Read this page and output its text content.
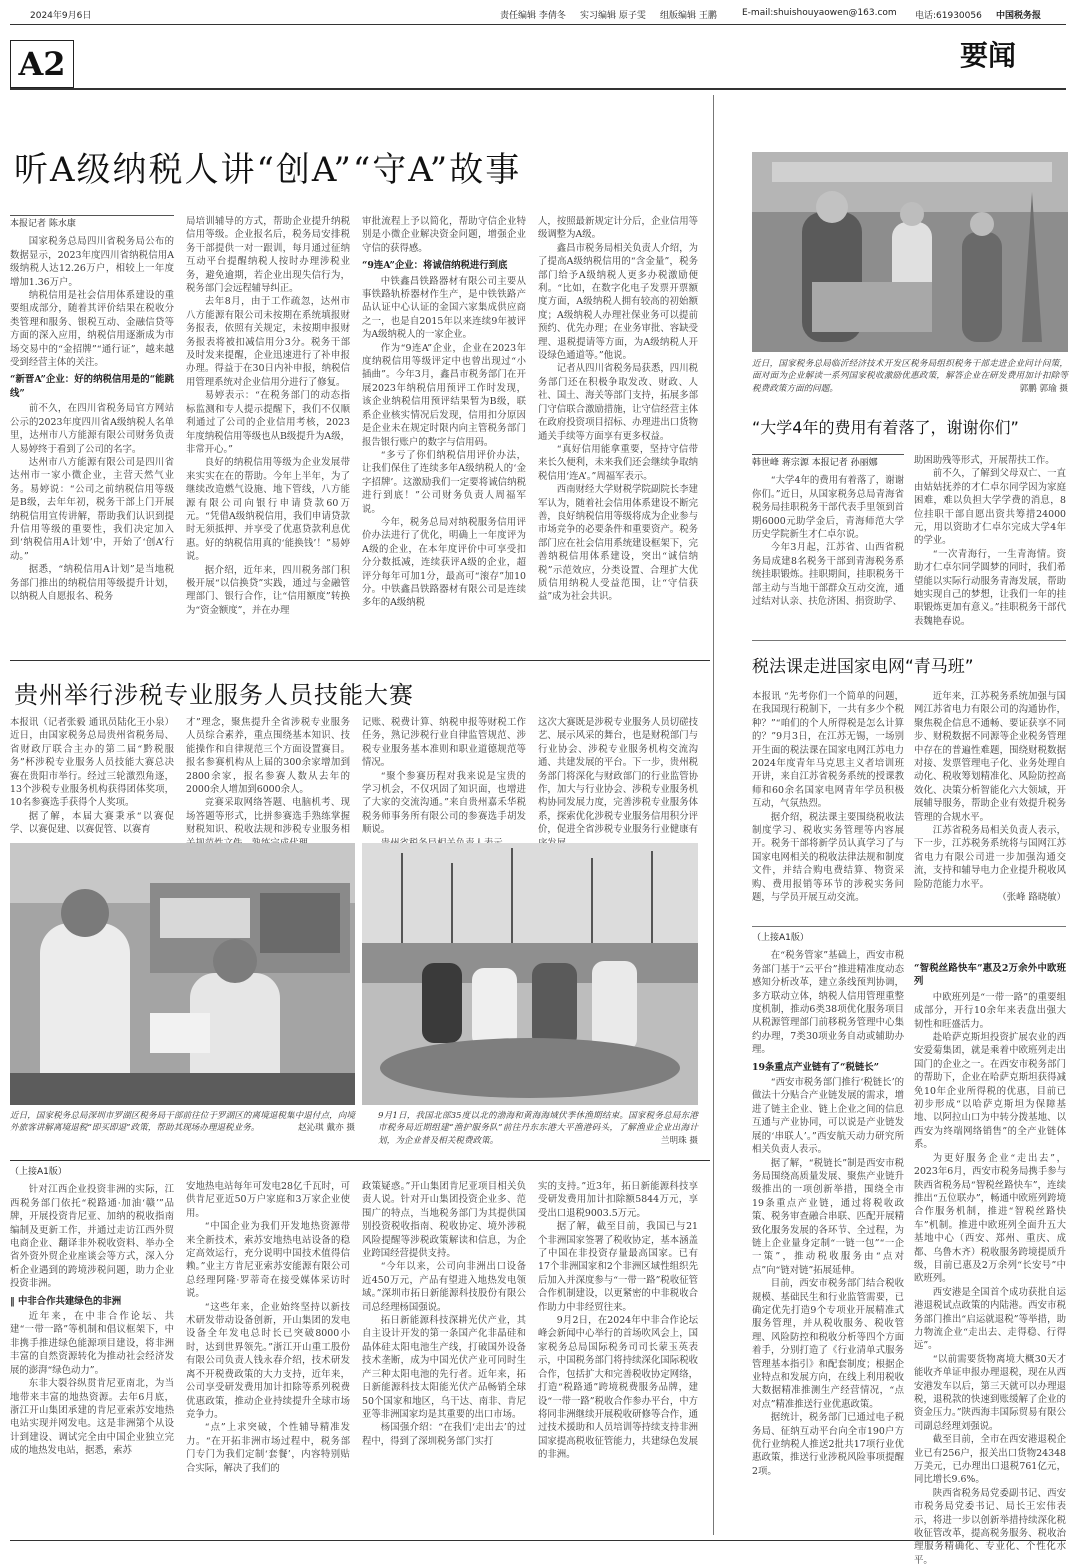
2024年9月6日	责任编辑 李倩冬 实习编辑 原子雯 组版编辑 王鹏	E-mail:shuishouyaowen@163.com 电话:61930056 中国税务报
A2	要闻
听A级纳税人讲“创A”“守A”故事

本报记者 陈水康

国家税务总局四川省税务局公布的数据显示，2023年度四川省纳税信用A级纳税人达12.26万户，相较上一年度增加1.36万户。

纳税信用是社会信用体系建设的重要组成部分，随着其评价结果在税收分类管理和服务、银税互动、金融信贷等方面的深入应用，纳税信用逐渐成为市场交易中的“金招牌”“通行证”，越来越受到经营主体的关注。

“新晋A”企业：好的纳税信用是的“能跳线”

前不久，在四川省税务局官方网站公示的2023年度四川省A级纳税人名单里，达州市八方能源有限公司财务负责人易婷终于看到了公司的名字。

达州市八方能源有限公司是四川省达州市一家小微企业，主营天然气业务。易婷说：“公司之前纳税信用等级是B级，去年年初，税务干部上门开展纳税信用宣传讲解，帮助我们认识到提升信用等级的重要性，我们决定加入到‘纳税信用A计划’中，开始了‘创A’行动。”

据悉，“纳税信用A计划”是当地税务部门推出的纳税信用等级提升计划，以纳税人自愿报名、税务

局培训辅导的方式，帮助企业提升纳税信用等级。企业报名后，税务局安排税务干部提供一对一跟训，每月通过征纳互动平台提醒纳税人按时办理涉税业务，避免逾期，若企业出现失信行为，税务部门会远程辅导纠正。

去年8月，由于工作疏忽，达州市八方能源有限公司未按期在系统填报财务报表，依照有关规定，未按期申报财务报表将被扣减信用分3分。税务干部及时发来提醒，企业迅速进行了补申报办理。得益于在30日内补申报，纳税信用管理系统对企业信用分进行了修复。

易婷表示：“在税务部门的动态指标监测和专人提示提醒下，我们不仅顺利通过了公司的企业信用考核，2023年度纳税信用等级也从B级提升为A级，非常开心。”

良好的纳税信用等级为企业发展带来实实在在的帮助。今年上半年，为了继续改造燃气设施、地下管线，八方能源有限公司向银行申请贷款60万元。“凭借A级纳税信用，我们申请贷款时无须抵押、并享受了优惠贷款利息优惠。好的纳税信用真的‘能换钱’！”易婷说。

据介绍，近年来，四川税务部门积极开展“以信换贷”实践，通过与金融管理部门、银行合作，让“信用额度”转换为“资金额度”，并在办理

审批流程上予以简化，帮助守信企业特别是小微企业解决资金问题，增强企业守信的获得感。

“9连A”企业：将诚信纳税进行到底

中铁鑫昌铁路器材有限公司主要从事铁路轨桥器材作生产，是中铁铁路产品认证中心认证的金国六家集成供应商之一，也是自2015年以来连续9年被评为A级纳税人的一家企业。

作为“9连A”企业，企业在2023年度纳税信用等级评定中也曾出现过“小插曲”。今年3月，鑫昌市税务部门在开展2023年纳税信用预评工作时发现，该企业纳税信用预评结果暂为B级，联系企业核实情况后发现，信用扣分原因是企业未在规定时限内向主管税务部门报告银行账户的数字与信用码。

“多亏了你们纳税信用评价办法，让我们保住了连续多年A级纳税人的‘金字招牌’。这激励我们一定要将诚信纳税进行到底！”公司财务负责人周福军说。

今年，税务总局对纳税服务信用评价办法进行了优化，明确上一年度评为A级的企业，在本年度评价中可享受扣分分数抵减，连续获评A级的企业，超评分每年可加1分，最高可“滚存”加10分。中铁鑫昌铁路器材有限公司是连续多年的A级纳税

人，按照最新规定计分后，企业信用等级调整为A级。

鑫昌市税务局相关负责人介绍，为了提高A级纳税信用的“含金量”，税务部门给予A级纳税人更多办税激励便利。“比如，在数字化电子发票开票额度方面，A级纳税人拥有较高的初始额度；A级纳税人办理社保业务可以提前预约、优先办理；在业务审批、容缺受理、退税提请等方面，为A级纳税人开设绿色通道等。”他说。

记者从四川省税务局获悉，四川税务部门还在积极争取发改、财政、人社、国土、海关等部门支持，拓展多部门守信联合激励措施，让守信经营主体在政府投资项目招标、办理进出口货物通关手续等方面享有更多权益。

“真好信用能拿重要，坚持守信带来长久便利，未来我们还会继续争取纳税信用‘连A’。”周福军表示。

西南财经大学财税学院副院长李建军认为，随着社会信用体系建设不断完善，良好纳税信用等级将成为企业参与市场竞争的必要条件和重要资产。税务部门应在社会信用系统建设框架下，完善纳税信用体系建设，突出“诚信纳税”示范效应，分类设置、合理扩大优质信用纳税人受益范围，让“守信获益”成为社会共识。

近日，国家税务总局临沂经济技术开发区税务局组织税务干部走进企业问计问策，面对面为企业解读一系列国家税收激励优惠政策，解答企业在研发费用加计扣除等税费政策方面的问题。	郭鹏 郭瑜 摄
“大学4年的费用有着落了，谢谢你们”

韩世峰 蒋宗源 本报记者 孙丽娜

“大学4年的费用有着落了，谢谢你们。”近日，从国家税务总局青海省税务局挂职税务干部代表手里领到首期6000元助学金后，青海师范大学历史学院新生才仁卓尔说。

今年3月起，江苏省、山西省税务局成建8名税务干部到青海税务系统挂职锻炼。挂职期间，挂职税务干部主动与当地干部群众互动交流，通过结对认亲、扶危济困、捐资助学、

助困助残等形式，开展帮扶工作。

前不久，了解到父母双亡、一直由姑姑抚养的才仁卓尔同学因为家庭困难，难以负担大学学费的消息，8位挂职干部自愿出资共筹措24000元，用以资助才仁卓尔完成大学4年的学业。

“一次青海行，一生青海情。资助才仁卓尔同学圆梦的同时，我们希望能以实际行动服务青海发展，帮助她实现自己的梦想，让我们一年的挂职锻炼更加有意义。”挂职税务干部代表魏艳春说。

税法课走进国家电网“青马班”

本报讯 “先考你们一个简单的问题，在我国现行税制下，一共有多少个税种？”“咱们的个人所得税是怎么计算的？”9月3日，在江苏无锡，一场别开生面的税法课在国家电网江苏电力2024年度青年马克思主义者培训班开讲，来自江苏省税务系统的授课教师和60余名国家电网青年学员积极互动，气氛热烈。

据介绍，税法课主要围绕税收法制度学习、税收实务管理等内容展开。税务干部将新学员认真学习了与国家电网相关的税收法律法规和制度文件，并结合购电费结算、物资采购、费用报销等环节的涉税实务问题，与学员开展互动交流。

近年来，江苏税务系统加强与国网江苏省电力有限公司的沟通协作，聚焦税企信息不通畅、要证获享不同步、财税数据不同源等企业税务管理中存在的普遍性难题，围绕财税数据对接、发票管理电子化、业务处理自动化、税收筹划精准化、风险防控高效化、决策分析智能化六大领域，开展辅导服务，帮助企业有效提升税务管理的合规水平。

江苏省税务局相关负责人表示，下一步，江苏税务系统将与国网江苏省电力有限公司进一步加强沟通交流，支持和辅导电力企业提升税收风险防范能力水平。

（张峰 路晓敏）

贵州举行涉税专业服务人员技能大赛

本报讯（记者张毅 通讯员陆化王小泉）近日，由国家税务总局贵州省税务局、省财政厅联合主办的第二届“黔税服务”杯涉税专业服务人员技能大赛总决赛在贵阳市举行。经过三轮激烈角逐，13个涉税专业服务机构获得团体奖项，10名参赛选手获得个人奖项。

据了解，本届大赛秉承“以赛促学、以赛促建、以赛促管、以赛育

才”理念，聚焦提升全省涉税专业服务人员综合素养，重点围绕基本知识、技能操作和自律规范三个方面设置赛目。报名参赛机构从上届的300余家增加到2800余家，报名参赛人数从去年的2000余人增加到6000余人。

竞赛采取网络答题、电脑机考、现场答题等形式，比拼参赛选手熟练掌握财税知识、税收法规和涉税专业服务相

记账、税费计算、纳税申报等财税工作任务，熟记涉税行业自律监管规范、涉税专业服务基本准则和职业道德规范等情况。

“聚个参赛历程对我来说是宝贵的学习机会，不仅巩固了知识面，也增进了大家的交流沟通。”来自贵州嘉禾华税税务师事务所有限公司的参赛选手胡发顺说。

这次大赛既是涉税专业服务人员切磋技艺、展示风采的舞台，也是财税部门与行业协会、涉税专业服务机构交流沟通、共建发展的平台。下一步，贵州税务部门将深化与财政部门的行业监管协作，加大与行业协会、涉税专业服务机构协同发展力度，完善涉税专业服务体系，探索优化涉税专业服务信用积分评价，促进全省涉税专业服务行业健康有

近日，国家税务总局深圳市罗湖区税务局干部前往位于罗湖区的离境退税集中退付点，向境外旅客讲解离境退税“即买即退”政策，帮助其现场办理退税业务。	赵沁琪 戴亦 摄
9月1日，我国北部35度以北的渤海和黄海海域伏季休渔期结束。国家税务总局东港市税务局近期组建“渔护服务队”前往丹东东港大平渔港码头，了解渔业企业出海计划，为企业普及相关税费政策。	兰明珠 摄

（上接A1版）

针对江西企业投资非洲的实际，江西税务部门依托“税路通·加油‘赣’”品牌，开展投资肯尼亚、加纳的税收指南编制及更新工作，并通过走访江西外贸电商企业、翻译非外税收资料、举办全省外资外贸企业座谈会等方式，深入分析企业遇到的跨境涉税问题，助力企业投资非洲。

‖ 中非合作共建绿色的非洲

近年来，在中非合作论坛、共建“一带一路”等机制和倡议框架下，中非携手推进绿色能源项目建设，将非洲丰富的自然资源转化为推动社会经济发展的澎湃“绿色动力”。

东非大裂谷纵贯肯尼亚南北，为当地带来丰富的地热资源。去年6月底，浙江开山集团承建的肯尼亚索苏安地热电站实现并网发电。这是非洲第个从设计到建设、调试完全由中国企业独立完成的地热发电站，据悉，索苏

安地热电站每年可发电28亿千瓦时，可供肯尼亚近50万户家庭和3万家企业使用。

“中国企业为我们开发地热资源带来全新技术，索苏安地热电站设备的稳定高效运行，充分说明中国技术值得信赖。”业主方肯尼亚索苏安能源有限公司总经理阿隆·罗蒂奇在接受媒体采访时说。

“这些年来，企业始终坚持以新技术研发带动设备创新，开山集团的发电设备全年发电总时长已突破8000小时，达到世界领先。”浙江开山重工股份有限公司负责人钱永春介绍，技术研发离不开税费政策的大力支持，近年来，公司享受研发费用加计扣除等系列税费优惠政策，推动企业持续提升全球市场竞争力。

“点”上求突破，个性辅导精准发力。“在开拓非洲市场过程中，税务部门专门为我们定制‘套餐’，内容特别贴合实际，解决了我们的

政策疑惑。”开山集团肯尼亚项目相关负责人说。针对开山集团投资企业多、范围广的特点，当地税务部门为其提供国别投资税收指南、税收协定、境外涉税风险提醒等涉税政策解读和信息，为企业跨国经营提供支持。

“今年以来，公司向非洲出口设备近450万元，产品有望进入地热发电领域。”深圳市拓日新能源科技股份有限公司总经理杨国强说。

拓日新能源科技深耕光伏产业，其自主设计开发的第一条国产化非晶硅和晶体硅太阳电池生产线，打破国外设备技术垄断，成为中国光伏产业可同时生产三种太阳电池的先行者。近年来，拓日新能源科技太阳能光伏产品畅销全球50个国家和地区，乌干达、南非、肯尼亚等非洲国家均是其重要的出口市场。

杨国强介绍：“在我们‘走出去’的过程中，得到了深圳税务部门实打

实的支持。”近3年，拓日新能源科技享受研发费用加计扣除额5844万元，享受出口退税9003.5万元。

据了解，截至目前，我国已与21个非洲国家签署了税收协定，基本涵盖了中国在非投资存量最高国家。已有17个非洲国家和2个非洲区域性组织先后加入并深度参与“一带一路”税收征管合作机制建设，以更紧密的中非税收合作助力中非经贸往来。

9月2日，在2024年中非合作论坛峰会新闻中心举行的首场吹风会上，国家税务总局国际税务司司长蒙玉英表示，中国税务部门将持续深化国际税收合作，包括扩大和完善税收协定网络，打造“税路通”跨境税费服务品牌，建设“一带一路”税收合作参办平台，中方将同非洲继续开展税收研修等合作，通过技术援助和人员培训等持续支持非洲国家提高税收征管能力，共建绿色发展的非洲。

（上接A1版）

在“税务管家”基础上，西安市税务部门基于“云平台”推进精准度动态感知分析改革，建立条线预判协调，多方联动立体，纳税人信用管理重整度机制，推动6类38项优化服务项目从税源管理部门前移税务管理中心集约办理，7类30项业务自动或辅助办理。

19条重点产业链有了“税链长”

“西安市税务部门推行‘税链长’的做法十分贴合产业链发展的需求，增进了链主企业、链上企业之间的信息互通与产业协同，可以说是产业链发展的‘串联人’。”西安航天动力研究所相关负责人表示。

据了解，“税链长”制是西安市税务局围绕高质量发展、聚焦产业链升级推出的一项创新举措，围绕全市19条重点产业链，通过将税收政策、税务审查融合串联、匹配开展精致化服务发展的各环节、全过程，为链上企业量身定制“一链一包”“一企一策”，推动税收服务由“点对点”向“链对链”拓展延伸。

目前，西安市税务部门结合税收规模、基础民生和行业监管需要，已确定优先打造9个专项业开展精准式服务管理，并从税收服务、税收管理、风险防控和税收分析等四个方面着手，分别打造了《行业清单式服务管理基本指引》和配套制度；根据企业特点和发展方向，在线上利用税收大数据精准推测生产经营情况，“点对点”精准推送行业优惠政策。

据统计，税务部门已通过电子税务局、征纳互动平台向全市190户方优行业纳税人推送2批共17项行业优惠政策，推送行业涉税风险事项提醒2项。

“智税丝路快车”惠及2万余外中欧班列

中欧班列是“一带一路”的重要组成部分，开行10余年来表盘出强大韧性和旺盛活力。

赴哈萨克斯坦投资扩展农业的西安爱菊集团，就是乘着中欧班列走出国门的企业之一。在西安市税务部门的帮助下，企业在哈萨克斯坦获得减免10年企业所得税的优惠，目前已初步形成“以哈萨克斯坦为保障基地、以阿拉山口为中转分拨基地、以西安为终端网络销售”的全产业链体系。

为更好服务企业“走出去”，2023年6月，西安市税务局携手参与陕西省税务局“智税丝路快车”，连续推出“五位联办”，畅通中欧班列跨境合作服务机制，推进“智税丝路快车”机制。推进中欧班列全面升五大基地中心（西安、郑州、重庆、成都、乌鲁木齐）税收服务跨境提质升级，目前已惠及2万余列“长安号”中欧班列。

西安港是全国首个成功获批自运港退税试点政策的内陆港。西安市税务部门推出“启运就退税”等举措，助力物流企业“走出去、走得稳、行得远”。

“以前需要货物离境大概30天才能收齐单证申报办理退税，现在从西安港发车以后，第三天就可以办理退税，退税款的快速到账缓解了企业的资金压力。”陕西海丰国际贸易有限公司副总经理刘强说。

截至目前，全市在西安港退税企业已有256户，报关出口货物24348万美元，已办理出口退税761亿元，同比增长9.6%。

陕西省税务局党委副书记、西安市税务局党委书记、局长王宏伟表示，将进一步以创新举措持续深化税收征管改革，提高税务服务、税收治理服务精确化、专业化、个性化水平。
